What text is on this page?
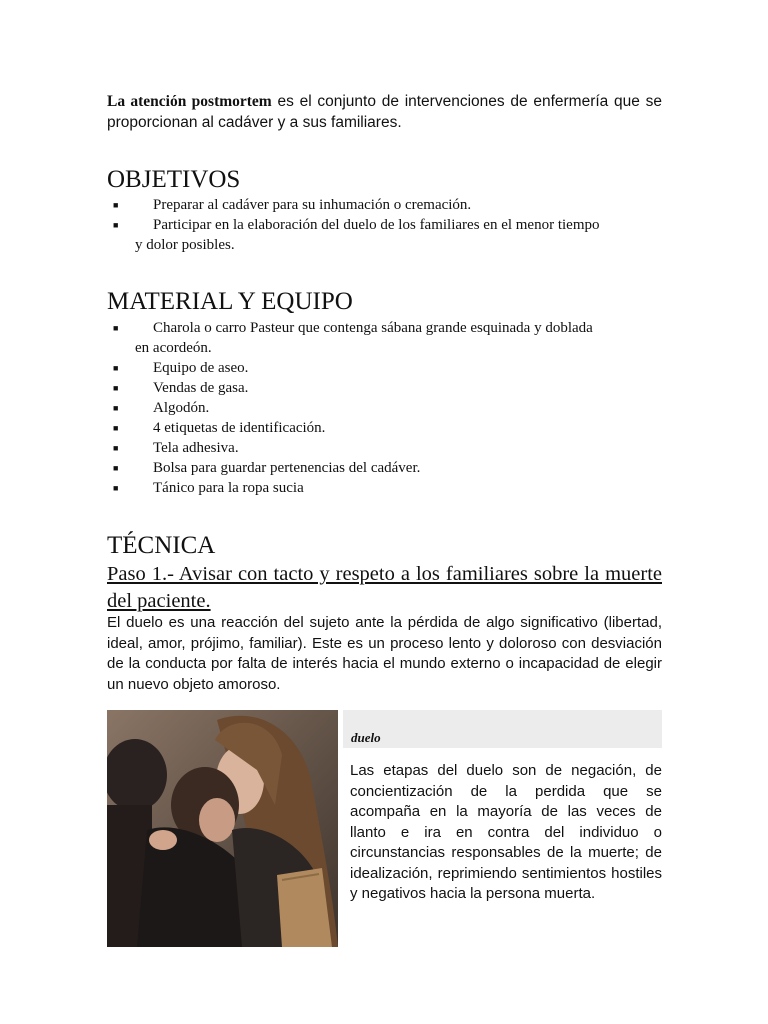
La atención postmortem es el conjunto de intervenciones de enfermería que se proporcionan al cadáver y a sus familiares.

OBJETIVOS
■ Preparar al cadáver para su inhumación o cremación.
■ Participar en la elaboración del duelo de los familiares en el menor tiempo
y dolor posibles.
MATERIAL Y EQUIPO
■ Charola o carro Pasteur que contenga sábana grande esquinada y doblada
en acordeón.
■ Equipo de aseo.
■ Vendas de gasa.
■ Algodón.
■ 4 etiquetas de identificación.
■ Tela adhesiva.
■ Bolsa para guardar pertenencias del cadáver.
■ Tánico para la ropa sucia
TÉCNICA
Paso 1.- Avisar con tacto y respeto a los familiares sobre la muerte del paciente.

El duelo es una reacción del sujeto ante la pérdida de algo significativo (libertad, ideal, amor, prójimo, familiar). Este es un proceso lento y doloroso con desviación de la conducta por falta de interés hacia el mundo externo o incapacidad de elegir un nuevo objeto amoroso.

duelo

Las etapas del duelo son de negación, de concientización de la perdida que se acompaña en la mayoría de las veces de llanto e ira en contra del individuo o circunstancias responsables de la muerte; de idealización, reprimiendo sentimientos hostiles y negativos hacia la persona muerta.
